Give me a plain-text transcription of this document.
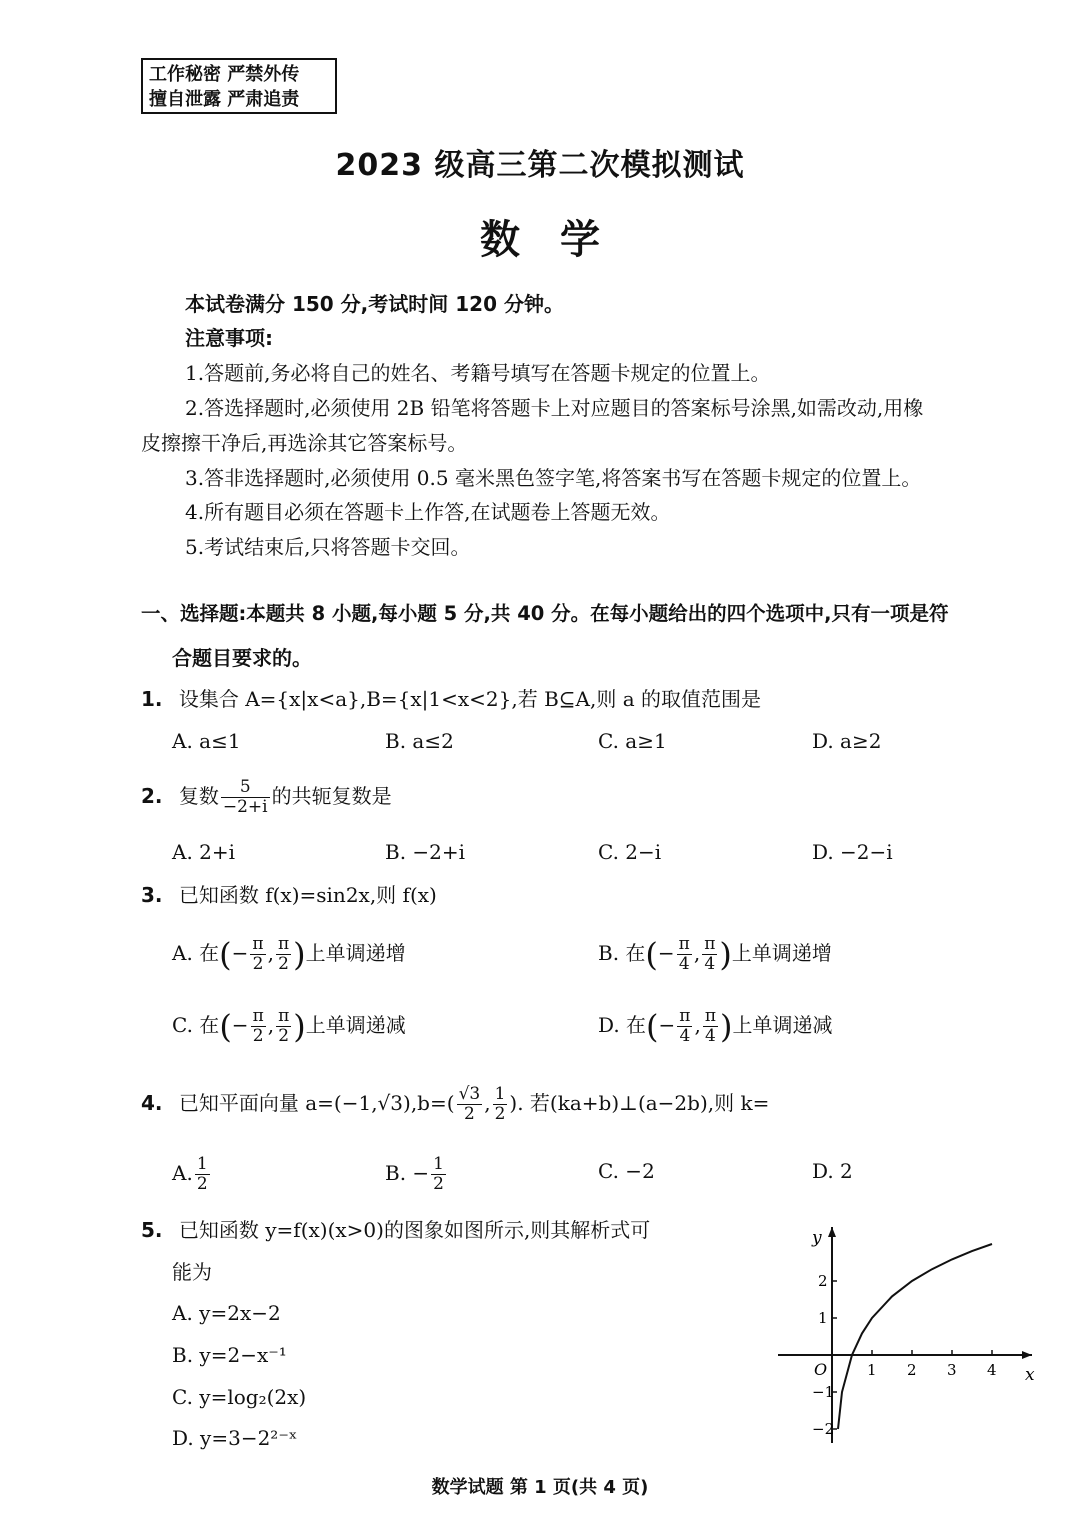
工作秘密 严禁外传
擅自泄露 严肃追责
2023 级高三第二次模拟测试
数学
本试卷满分 150 分,考试时间 120 分钟。
注意事项:
1.答题前,务必将自己的姓名、考籍号填写在答题卡规定的位置上。
2.答选择题时,必须使用 2B 铅笔将答题卡上对应题目的答案标号涂黑,如需改动,用橡
皮擦擦干净后,再选涂其它答案标号。
3.答非选择题时,必须使用 0.5 毫米黑色签字笔,将答案书写在答题卡规定的位置上。
4.所有题目必须在答题卡上作答,在试题卷上答题无效。
5.考试结束后,只将答题卡交回。
一、选择题:本题共 8 小题,每小题 5 分,共 40 分。在每小题给出的四个选项中,只有一项是符
合题目要求的。
1. 设集合 A={x|x<a},B={x|1<x<2},若 B⊆A,则 a 的取值范围是
A. a≤1	B. a≤2	C. a≥1	D. a≥2
2. 复数 $\frac{5}{-2+i}$ 的共轭复数是
A. 2+i	B. −2+i	C. 2−i	D. −2−i
3. 已知函数 f(x)=sin2x,则 f(x)
A. 在(− $\frac{\pi}{2}$ , $\frac{\pi}{2}$ )上单调递增	B. 在(− $\frac{\pi}{4}$ , $\frac{\pi}{4}$ )上单调递增
C. 在(− $\frac{\pi}{2}$ , $\frac{\pi}{2}$ )上单调递减	D. 在(− $\frac{\pi}{4}$ , $\frac{\pi}{4}$ )上单调递减
4. 已知平面向量 $a=(-1,√3),b=( \frac{√3}{2}$ , $\frac{1}{2}$ ). 若(ka+b)⊥(a−2b),则 k=
A. $\frac{1}{2}$	B. − $\frac{1}{2}$	C. −2	D. 2
5. 已知函数 y=f(x)(x>0)的图象如图所示,则其解析式可
能为
A. y=2x−2
B. y=2−x⁻¹
C. y=log₂(2x)
D. y=3−2²⁻ˣ
x
y
O	1 2 3 4
2
1
−1
−2
数学试题 第 1 页(共 4 页)
